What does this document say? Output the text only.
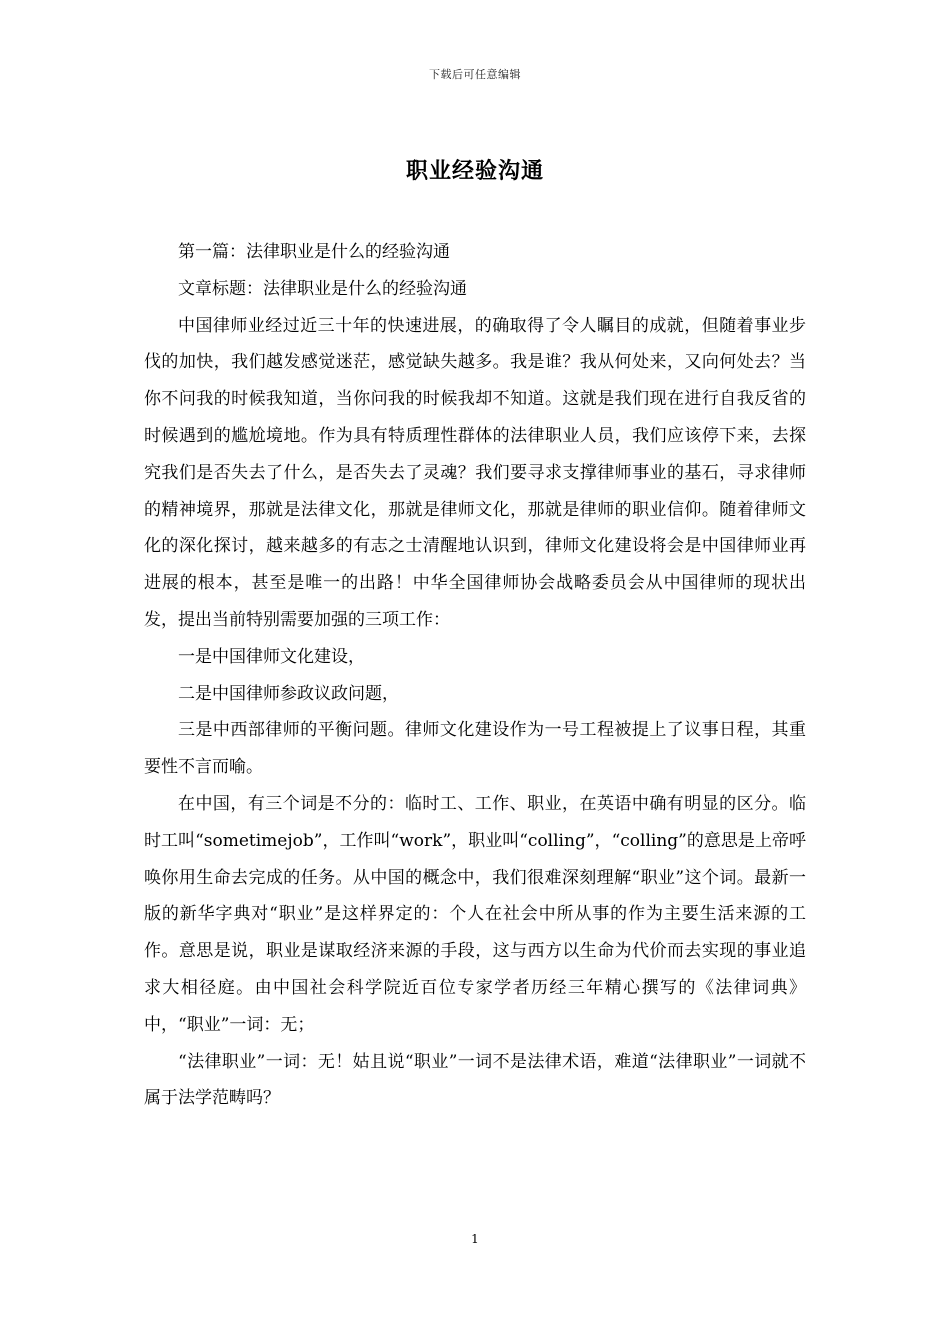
下载后可任意编辑
职业经验沟通

第一篇：法律职业是什么的经验沟通

文章标题：法律职业是什么的经验沟通

中国律师业经过近三十年的快速进展，的确取得了令人瞩目的成就，但随着事业步伐的加快，我们越发感觉迷茫，感觉缺失越多。我是谁？我从何处来，又向何处去？当你不问我的时候我知道，当你问我的时候我却不知道。这就是我们现在进行自我反省的时候遇到的尴尬境地。作为具有特质理性群体的法律职业人员，我们应该停下来，去探究我们是否失去了什么，是否失去了灵魂？我们要寻求支撑律师事业的基石，寻求律师的精神境界，那就是法律文化，那就是律师文化，那就是律师的职业信仰。随着律师文化的深化探讨，越来越多的有志之士清醒地认识到，律师文化建设将会是中国律师业再进展的根本，甚至是唯一的出路！中华全国律师协会战略委员会从中国律师的现状出发，提出当前特别需要加强的三项工作：

一是中国律师文化建设，

二是中国律师参政议政问题，

三是中西部律师的平衡问题。律师文化建设作为一号工程被提上了议事日程，其重要性不言而喻。

在中国，有三个词是不分的：临时工、工作、职业，在英语中确有明显的区分。临时工叫“sometimejob”，工作叫“work”，职业叫“colling”，“colling”的意思是上帝呼唤你用生命去完成的任务。从中国的概念中，我们很难深刻理解“职业”这个词。最新一版的新华字典对“职业”是这样界定的：个人在社会中所从事的作为主要生活来源的工作。意思是说，职业是谋取经济来源的手段，这与西方以生命为代价而去实现的事业追求大相径庭。由中国社会科学院近百位专家学者历经三年精心撰写的《法律词典》中，“职业”一词：无；

“法律职业”一词：无！姑且说“职业”一词不是法律术语，难道“法律职业”一词就不属于法学范畴吗？

1
